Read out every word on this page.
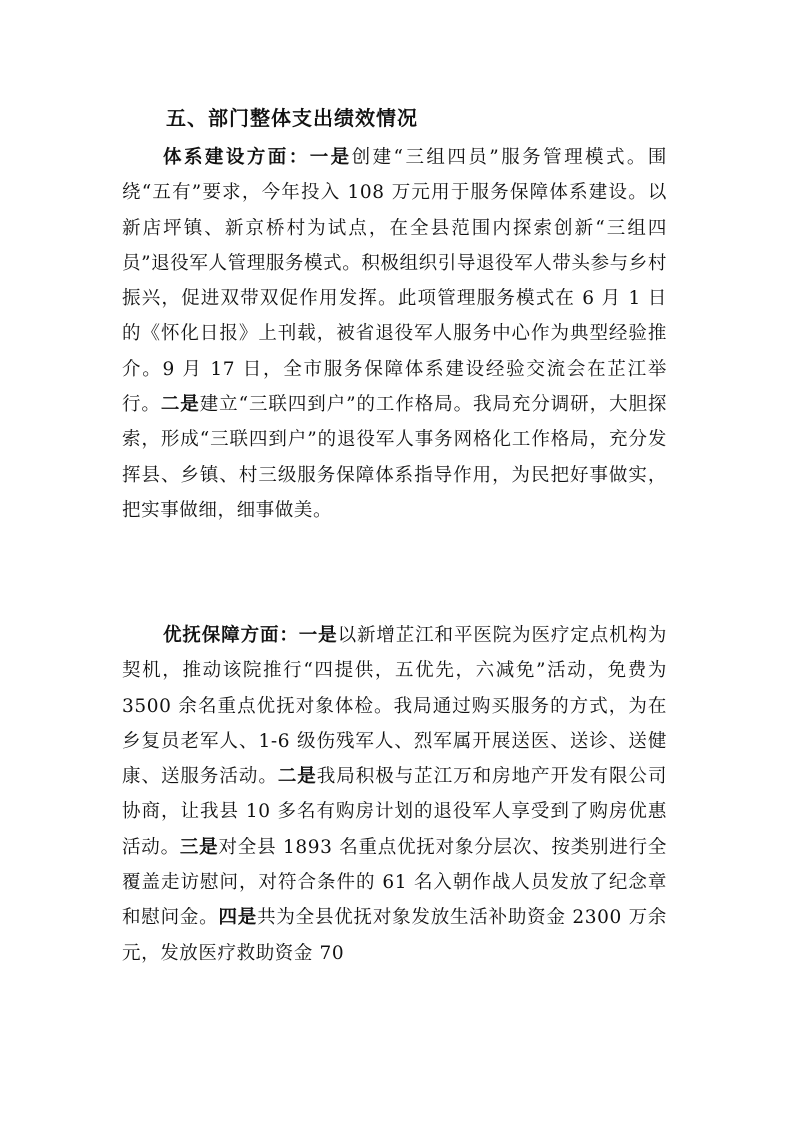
五、部门整体支出绩效情况

体系建设方面：一是创建“三组四员”服务管理模式。围绕“五有”要求，今年投入 108 万元用于服务保障体系建设。以新店坪镇、新京桥村为试点，在全县范围内探索创新“三组四员”退役军人管理服务模式。积极组织引导退役军人带头参与乡村振兴，促进双带双促作用发挥。此项管理服务模式在 6 月 1 日的《怀化日报》上刊载，被省退役军人服务中心作为典型经验推介。9 月 17 日，全市服务保障体系建设经验交流会在芷江举行。二是建立“三联四到户”的工作格局。我局充分调研，大胆探索，形成“三联四到户”的退役军人事务网格化工作格局，充分发挥县、乡镇、村三级服务保障体系指导作用，为民把好事做实，把实事做细，细事做美。

优抚保障方面：一是以新增芷江和平医院为医疗定点机构为契机，推动该院推行“四提供，五优先，六减免”活动，免费为 3500 余名重点优抚对象体检。我局通过购买服务的方式，为在乡复员老军人、1-6 级伤残军人、烈军属开展送医、送诊、送健康、送服务活动。二是我局积极与芷江万和房地产开发有限公司协商，让我县 10 多名有购房计划的退役军人享受到了购房优惠活动。三是对全县 1893 名重点优抚对象分层次、按类别进行全覆盖走访慰问，对符合条件的 61 名入朝作战人员发放了纪念章和慰问金。四是共为全县优抚对象发放生活补助资金 2300 万余元，发放医疗救助资金 70
